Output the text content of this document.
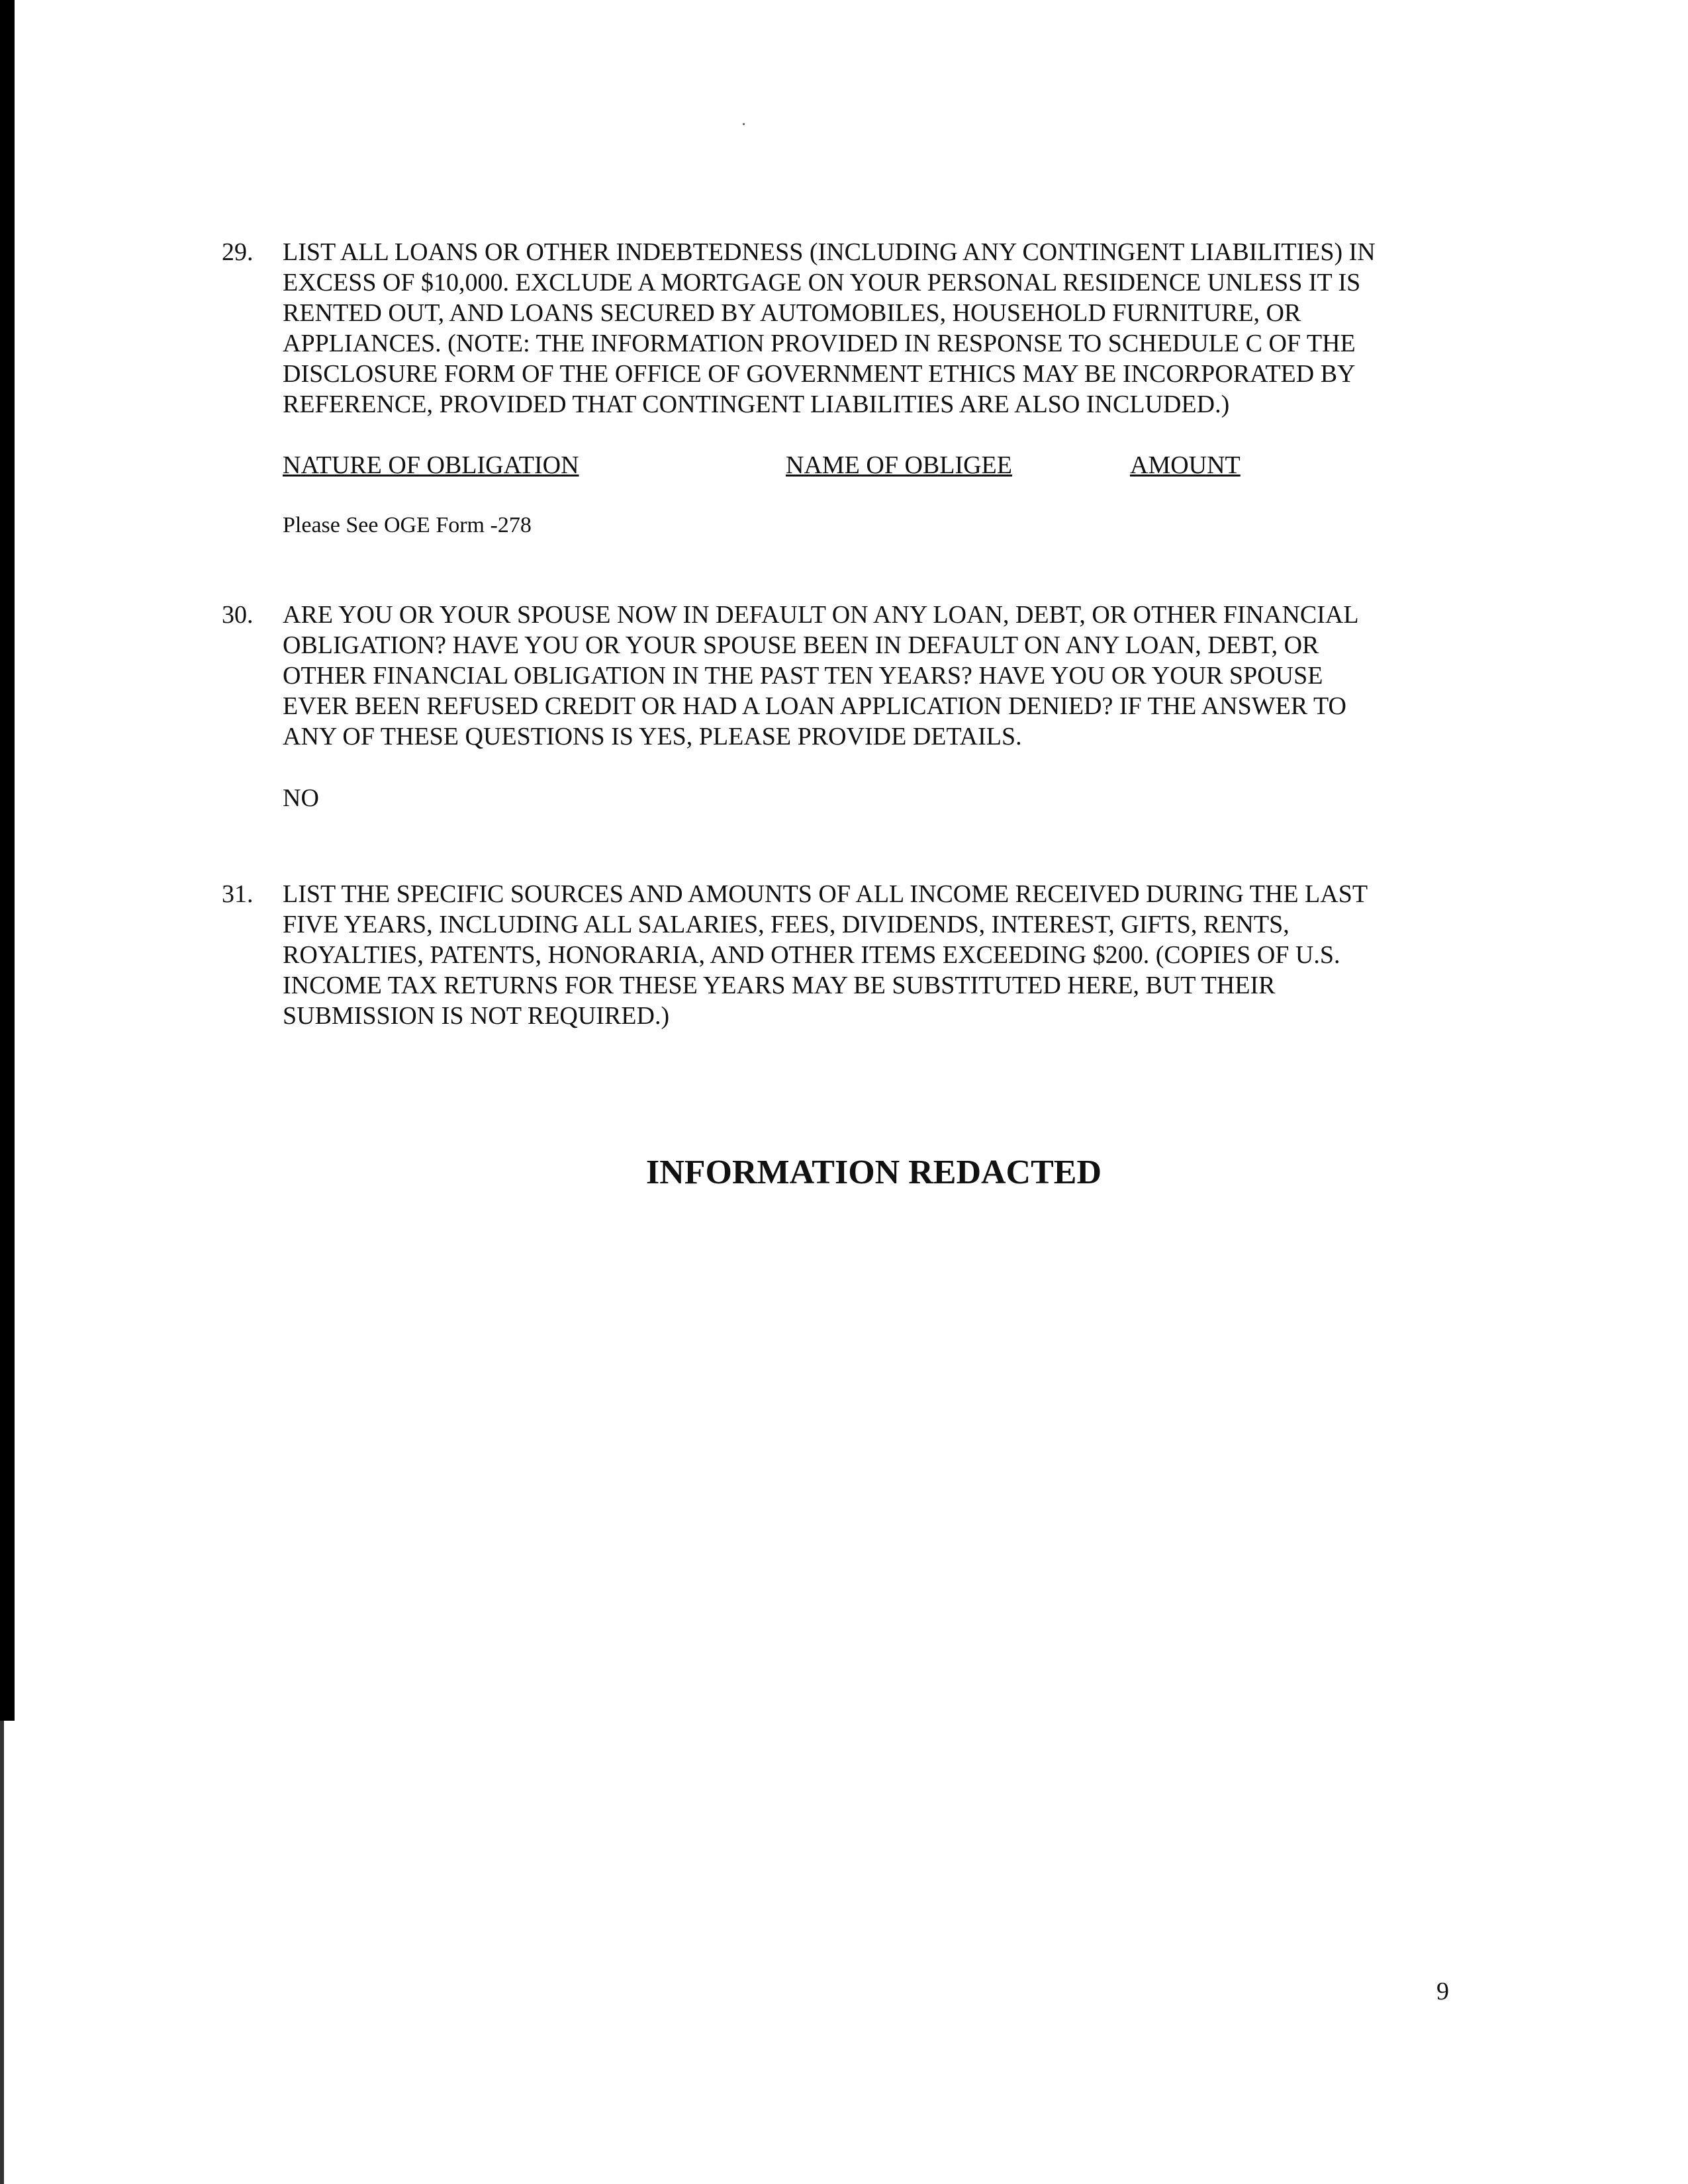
29.	LIST ALL LOANS OR OTHER INDEBTEDNESS (INCLUDING ANY CONTINGENT LIABILITIES) IN
EXCESS OF $10,000. EXCLUDE A MORTGAGE ON YOUR PERSONAL RESIDENCE UNLESS IT IS
RENTED OUT, AND LOANS SECURED BY AUTOMOBILES, HOUSEHOLD FURNITURE, OR
APPLIANCES. (NOTE: THE INFORMATION PROVIDED IN RESPONSE TO SCHEDULE C OF THE
DISCLOSURE FORM OF THE OFFICE OF GOVERNMENT ETHICS MAY BE INCORPORATED BY
REFERENCE, PROVIDED THAT CONTINGENT LIABILITIES ARE ALSO INCLUDED.)

NATURE OF OBLIGATION	NAME OF OBLIGEE	AMOUNT
Please See OGE Form -278
30.	ARE YOU OR YOUR SPOUSE NOW IN DEFAULT ON ANY LOAN, DEBT, OR OTHER FINANCIAL
OBLIGATION? HAVE YOU OR YOUR SPOUSE BEEN IN DEFAULT ON ANY LOAN, DEBT, OR
OTHER FINANCIAL OBLIGATION IN THE PAST TEN YEARS? HAVE YOU OR YOUR SPOUSE
EVER BEEN REFUSED CREDIT OR HAD A LOAN APPLICATION DENIED? IF THE ANSWER TO
ANY OF THESE QUESTIONS IS YES, PLEASE PROVIDE DETAILS.

NO
31.	LIST THE SPECIFIC SOURCES AND AMOUNTS OF ALL INCOME RECEIVED DURING THE LAST
FIVE YEARS, INCLUDING ALL SALARIES, FEES, DIVIDENDS, INTEREST, GIFTS, RENTS,
ROYALTIES, PATENTS, HONORARIA, AND OTHER ITEMS EXCEEDING $200. (COPIES OF U.S.
INCOME TAX RETURNS FOR THESE YEARS MAY BE SUBSTITUTED HERE, BUT THEIR
SUBMISSION IS NOT REQUIRED.)

INFORMATION REDACTED
9
